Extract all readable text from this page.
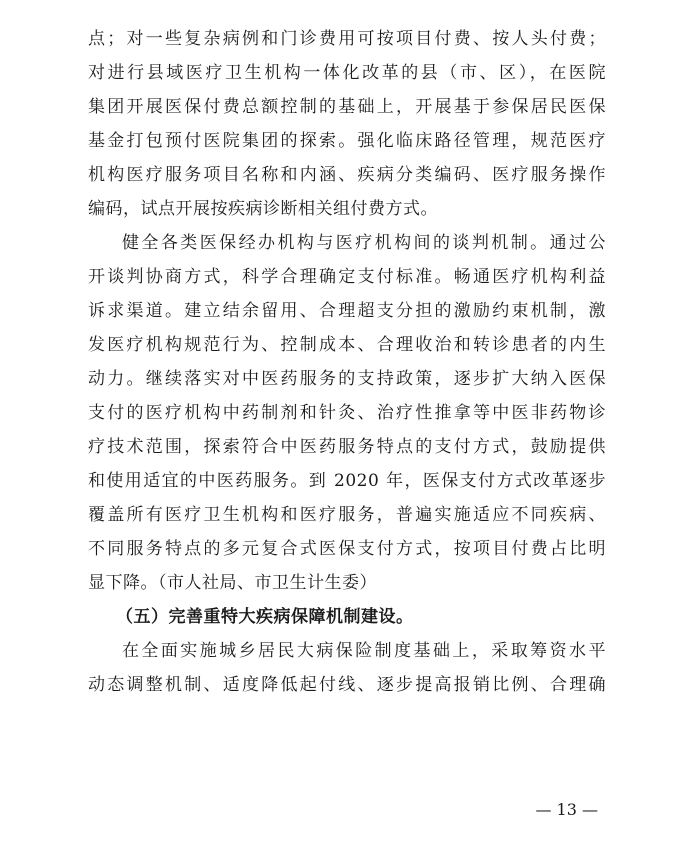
点；对一些复杂病例和门诊费用可按项目付费、按人头付费；
对进行县域医疗卫生机构一体化改革的县（市、区），在医院
集团开展医保付费总额控制的基础上，开展基于参保居民医保
基金打包预付医院集团的探索。强化临床路径管理，规范医疗
机构医疗服务项目名称和内涵、疾病分类编码、医疗服务操作
编码，试点开展按疾病诊断相关组付费方式。
健全各类医保经办机构与医疗机构间的谈判机制。通过公
开谈判协商方式，科学合理确定支付标准。畅通医疗机构利益
诉求渠道。建立结余留用、合理超支分担的激励约束机制，激
发医疗机构规范行为、控制成本、合理收治和转诊患者的内生
动力。继续落实对中医药服务的支持政策，逐步扩大纳入医保
支付的医疗机构中药制剂和针灸、治疗性推拿等中医非药物诊
疗技术范围，探索符合中医药服务特点的支付方式，鼓励提供
和使用适宜的中医药服务。到 2020 年，医保支付方式改革逐步
覆盖所有医疗卫生机构和医疗服务，普遍实施适应不同疾病、
不同服务特点的多元复合式医保支付方式，按项目付费占比明
显下降。（市人社局、市卫生计生委）
（五）完善重特大疾病保障机制建设。
在全面实施城乡居民大病保险制度基础上，采取筹资水平
动态调整机制、适度降低起付线、逐步提高报销比例、合理确
— 13 —
